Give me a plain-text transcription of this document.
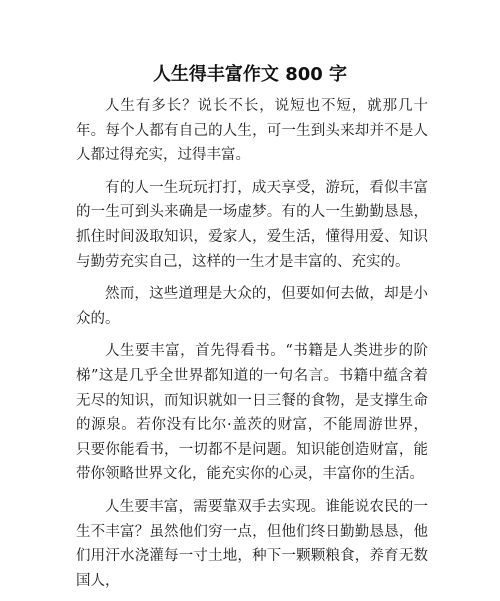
人生得丰富作文 800 字

人生有多长？说长不长，说短也不短，就那几十年。每个人都有自己的人生，可一生到头来却并不是人人都过得充实，过得丰富。

有的人一生玩玩打打，成天享受，游玩，看似丰富的一生可到头来确是一场虚梦。有的人一生勤勤恳恳，抓住时间汲取知识，爱家人，爱生活，懂得用爱、知识与勤劳充实自己，这样的一生才是丰富的、充实的。

然而，这些道理是大众的，但要如何去做，却是小众的。

人生要丰富，首先得看书。“书籍是人类进步的阶梯”这是几乎全世界都知道的一句名言。书籍中蕴含着无尽的知识，而知识就如一日三餐的食物，是支撑生命的源泉。若你没有比尔·盖茨的财富，不能周游世界，只要你能看书，一切都不是问题。知识能创造财富，能带你领略世界文化，能充实你的心灵，丰富你的生活。

人生要丰富，需要靠双手去实现。谁能说农民的一生不丰富？虽然他们穷一点，但他们终日勤勤恳恳，他们用汗水浇灌每一寸土地，种下一颗颗粮食，养育无数国人，
